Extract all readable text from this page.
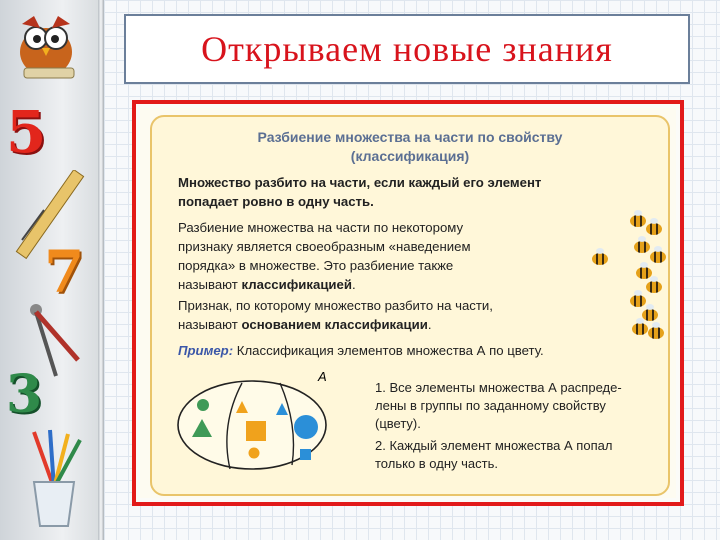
5
7
3
Открываем новые знания
Разбиение множества на части по свойству
(классификация)
Множество разбито на части, если каждый его элемент
попадает ровно в одну часть.
Разбиение множества на части по некоторому
признаку является своеобразным «наведением
порядка» в множестве. Это разбиение также
называют классификацией.
Признак, по которому множество разбито на части,
называют основанием классификации.
Пример: Классификация элементов множества А по цвету.
А
1. Все элементы множества А распреде-
лены в группы по заданному свойству
(цвету).
2. Каждый элемент множества А попал
только в одну часть.
